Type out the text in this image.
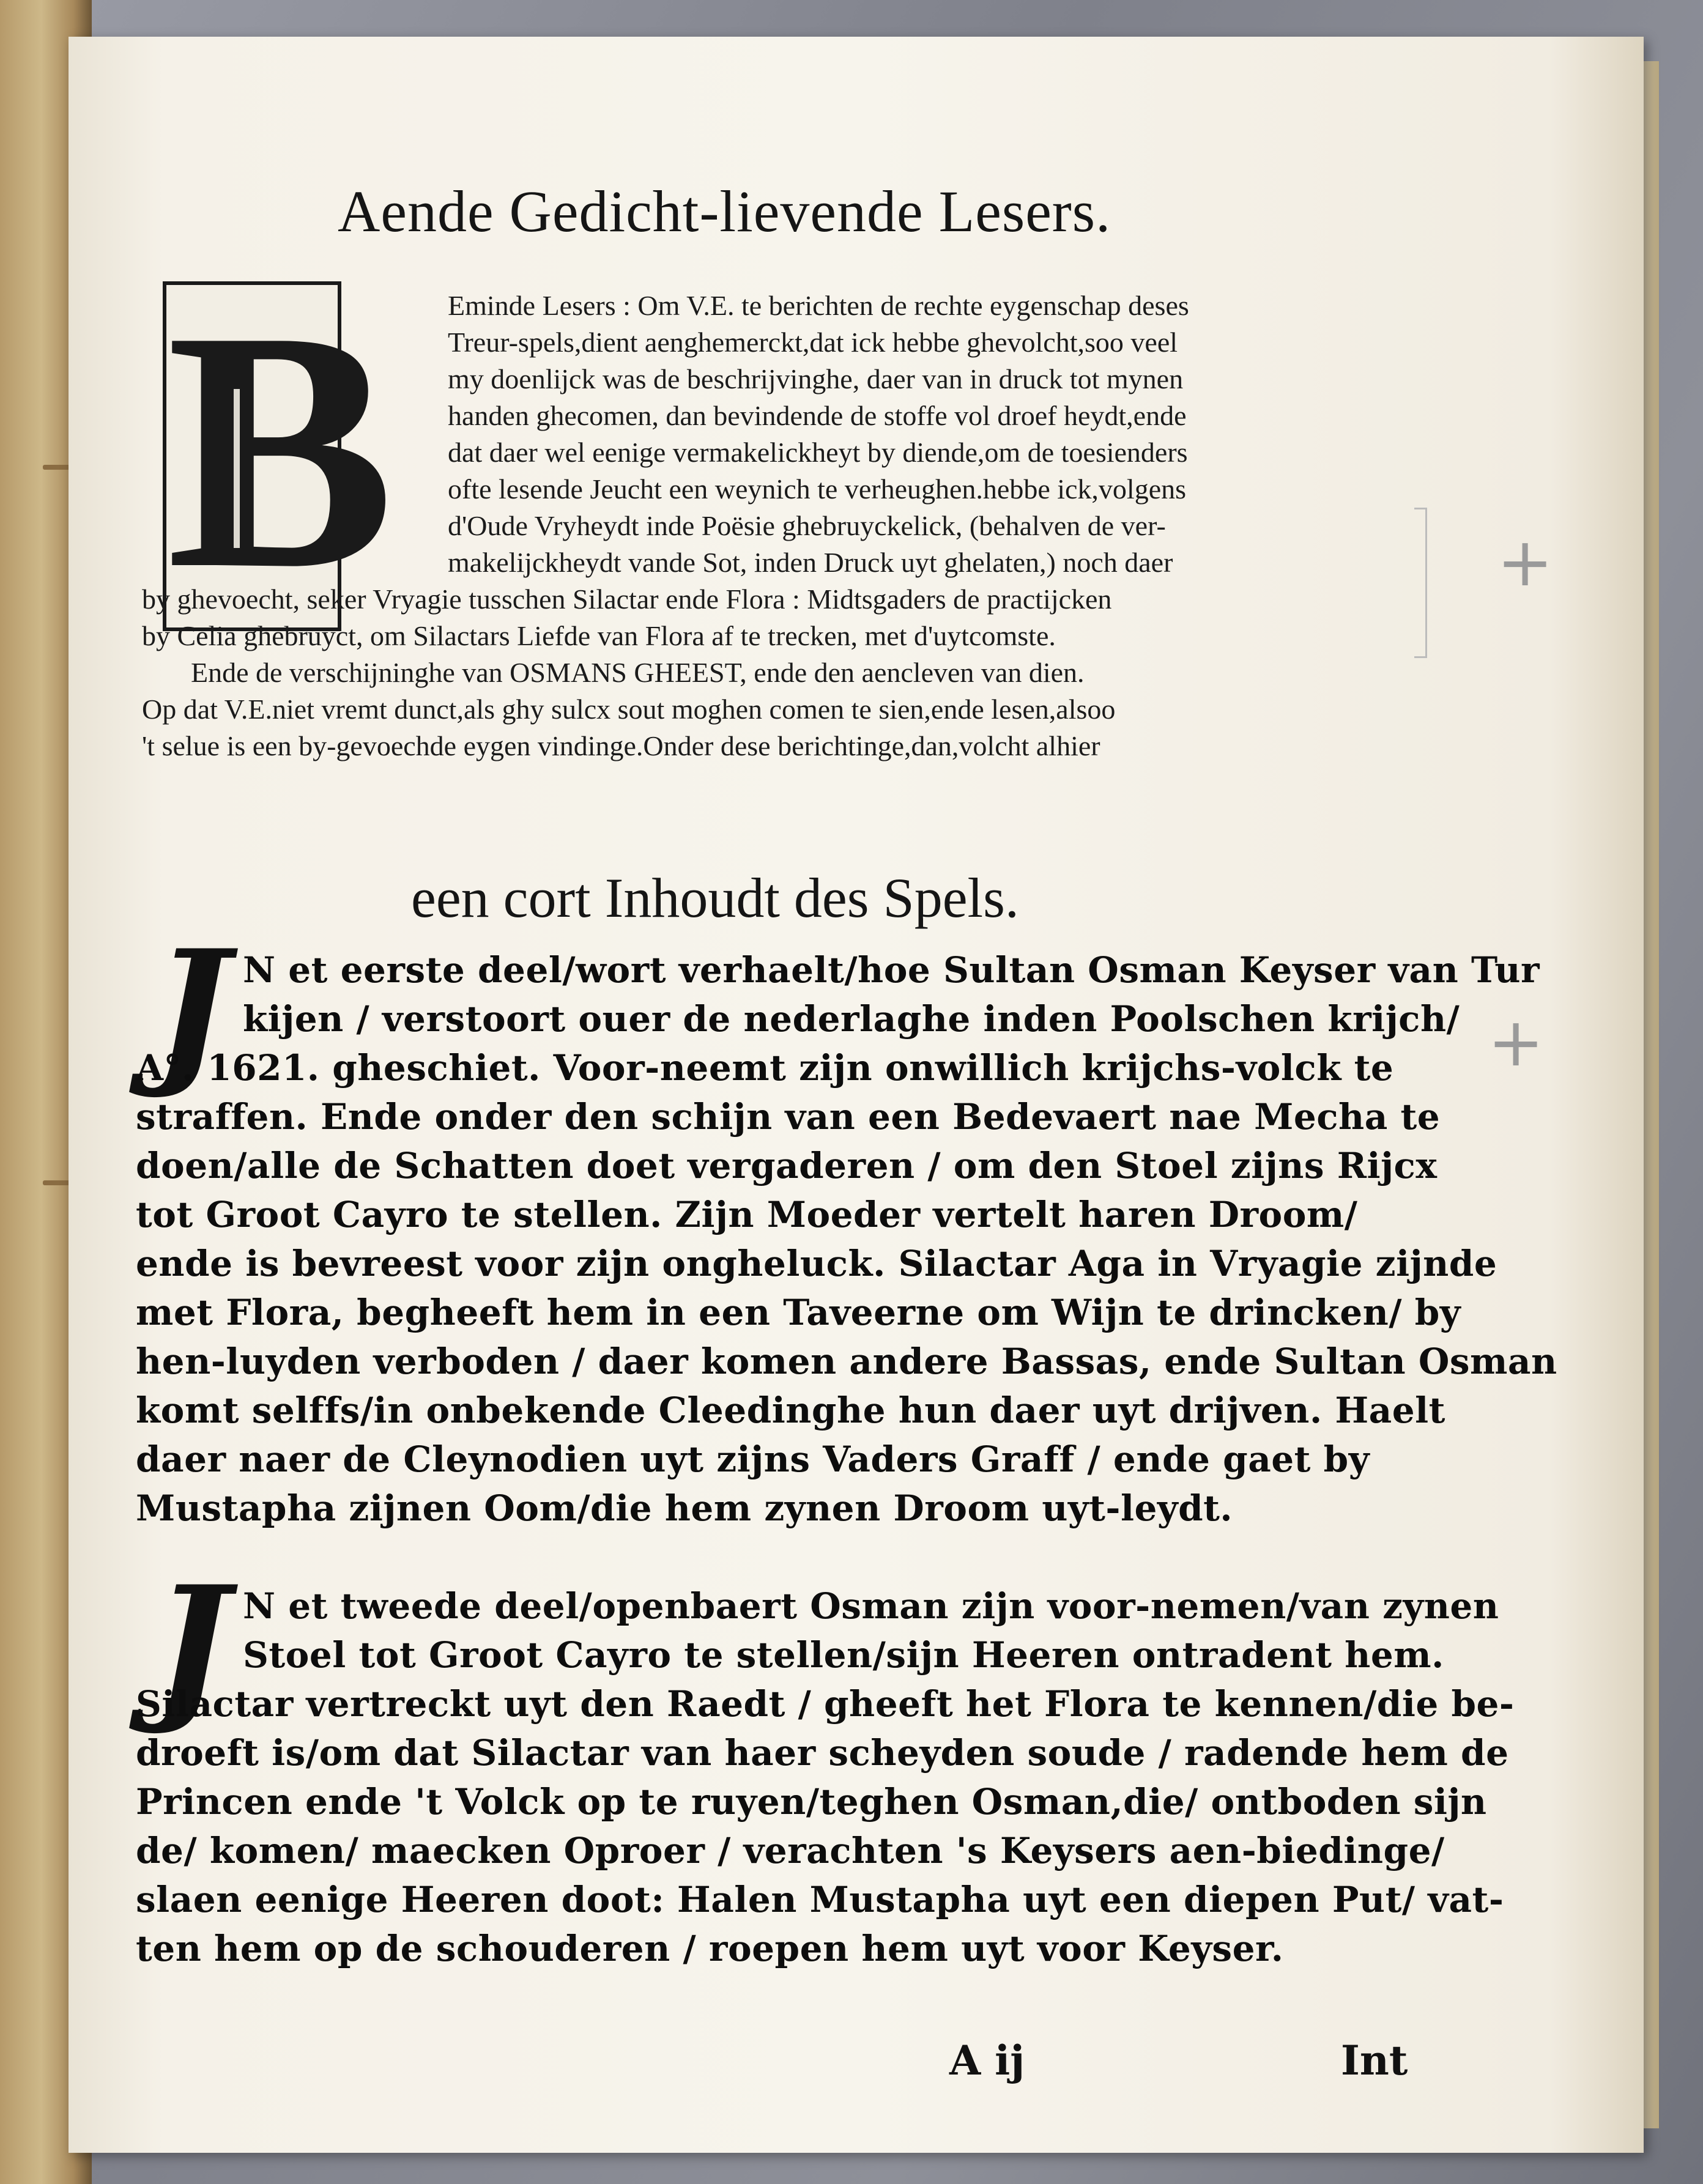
Aende Gedicht-lievende Lesers.
B Eminde Lesers : Om V.E. te berichten de rechte eygenschap deses
Treur-spels,dient aenghemerckt,dat ick hebbe ghevolcht,soo veel
my doenlijck was de beschrijvinghe, daer van in druck tot mynen
handen ghecomen, dan bevindende de stoffe vol droef heydt,ende
dat daer wel eenige vermakelickheyt by diende,om de toesienders
ofte lesende Jeucht een weynich te verheughen.hebbe ick,volgens
d'Oude Vryheydt inde Poësie ghebruyckelick, (behalven de ver-
makelijckheydt vande Sot, inden Druck uyt ghelaten,) noch daer
by ghevoecht, seker Vryagie tusschen Silactar ende Flora : Midtsgaders de practijcken
by Celia ghebruyct, om Silactars Liefde van Flora af te trecken, met d'uytcomste.
Ende de verschijninghe van OSMANS GHEEST, ende den aencleven van dien.
Op dat V.E.niet vremt dunct,als ghy sulcx sout moghen comen te sien,ende lesen,alsoo
't selue is een by-gevoechde eygen vindinge.Onder dese berichtinge,dan,volcht alhier
een cort Inhoudt des Spels.
J N et eerste deel/wort verhaelt/hoe Sultan Osman Keyser van Tur
kijen / verstoort ouer de nederlaghe inden Poolschen krijch/
A°. 1621. gheschiet. Voor-neemt zijn onwillich krijchs-volck te
straffen. Ende onder den schijn van een Bedevaert nae Mecha te
doen/alle de Schatten doet vergaderen / om den Stoel zijns Rijcx
tot Groot Cayro te stellen. Zijn Moeder vertelt haren Droom/
ende is bevreest voor zijn ongheluck. Silactar Aga in Vryagie zijnde
met Flora, begheeft hem in een Taveerne om Wijn te drincken/ by
hen-luyden verboden / daer komen andere Bassas, ende Sultan Osman
komt selffs/in onbekende Cleedinghe hun daer uyt drijven. Haelt
daer naer de Cleynodien uyt zijns Vaders Graff / ende gaet by
Mustapha zijnen Oom/die hem zynen Droom uyt-leydt.
J N et tweede deel/openbaert Osman zijn voor-nemen/van zynen
Stoel tot Groot Cayro te stellen/sijn Heeren ontradent hem.
Silactar vertreckt uyt den Raedt / gheeft het Flora te kennen/die be-
droeft is/om dat Silactar van haer scheyden soude / radende hem de
Princen ende 't Volck op te ruyen/teghen Osman,die/ ontboden sijn
de/ komen/ maecken Oproer / verachten 's Keysers aen-biedinge/
slaen eenige Heeren doot: Halen Mustapha uyt een diepen Put/ vat-
ten hem op de schouderen / roepen hem uyt voor Keyser.
A ij	Int
+
+
